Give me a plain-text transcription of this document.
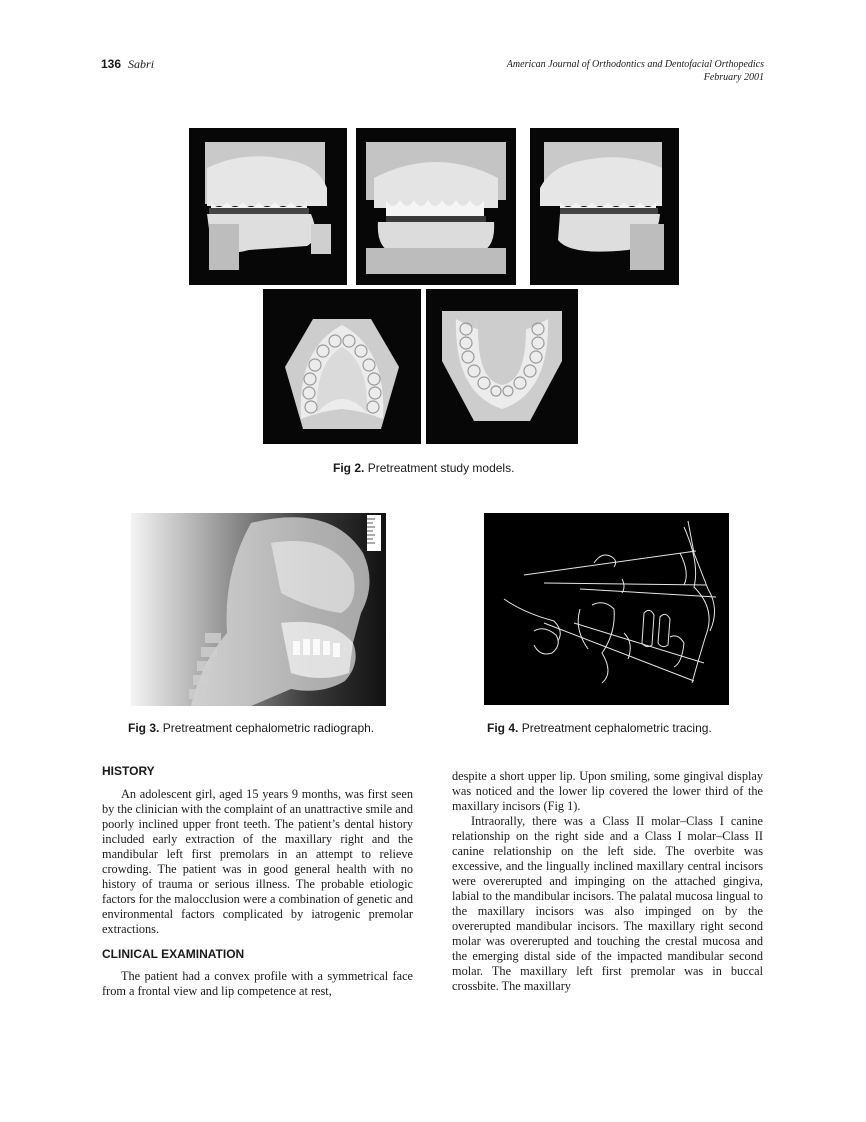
136 Sabri	American Journal of Orthodontics and Dentofacial Orthopedics
February 2001
Fig 2. Pretreatment study models.
Fig 3. Pretreatment cephalometric radiograph.	Fig 4. Pretreatment cephalometric tracing.
HISTORY

An adolescent girl, aged 15 years 9 months, was first seen by the clinician with the complaint of an unattractive smile and poorly inclined upper front teeth. The patient’s dental history included early extraction of the maxillary right and the mandibular left first premolars in an attempt to relieve crowding. The patient was in good general health with no history of trauma or serious illness. The probable etiologic factors for the malocclusion were a combination of genetic and environmental factors complicated by iatrogenic premolar extractions.

CLINICAL EXAMINATION

The patient had a convex profile with a symmetrical face from a frontal view and lip competence at rest,

despite a short upper lip. Upon smiling, some gingival display was noticed and the lower lip covered the lower third of the maxillary incisors (Fig 1).

Intraorally, there was a Class II molar–Class I canine relationship on the right side and a Class I molar–Class II canine relationship on the left side. The overbite was excessive, and the lingually inclined maxillary central incisors were overerupted and impinging on the attached gingiva, labial to the mandibular incisors. The palatal mucosa lingual to the maxillary incisors was also impinged on by the overerupted mandibular incisors. The maxillary right second molar was overerupted and touching the crestal mucosa and the emerging distal side of the impacted mandibular second molar. The maxillary left first premolar was in buccal crossbite. The maxillary
